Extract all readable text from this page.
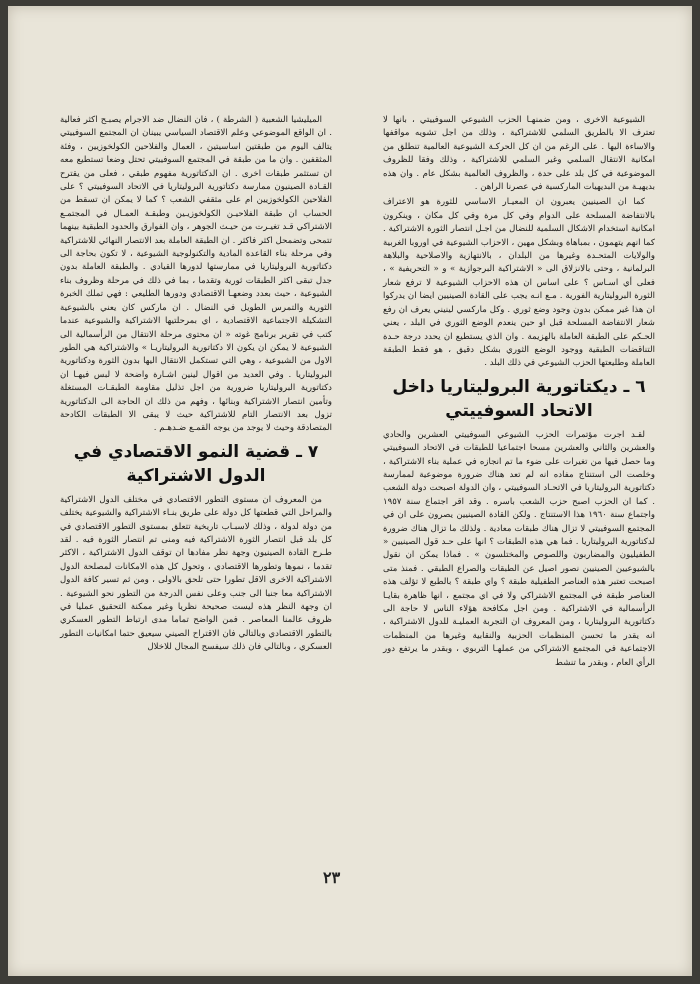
الشيوعية الاخرى ، ومن ضمنهـا الحزب الشيوعي السوفييتي ، بانها لا تعترف الا بالطريق السلمي للاشتراكية ، وذلك من اجل تشويه مواقفها والاساءة اليها . على الرغم من ان كل الحركـة الشيوعية العالمية تنطلق من امكانية الانتقال السلمي وغير السلمي للاشتراكية ، وذلك وفقا للظروف الموضوعية في كل بلد على حدة ، والظروف العالمية بشكل عام . وان هذه بديهيـة من البديهيات الماركسية في عصرنا الراهن .

كما ان الصينيين يعبرون ان المعيـار الاساسي للثورة هو الاعتراف بالانتفاضة المسلحة على الدوام وفي كل مرة وفي كل مكان ، وينكرون امكانية استخدام الاشكال السلمية للنضال من اجـل انتصار الثورة الاشتراكية . كما انهم يتهمون ، بمباهاة وبشكل مهين ، الاحزاب الشيوعية في اوروبا الغربية والولايات المتحـدة وغيرها من البلدان ، بالانتهازية والاصلاحية والبلاهة البرلمانية ، وحتى بالانزلاق الى « الاشتراكية البرجوازية » و « التحريفية » ، فعلى أي اسـاس ؟ على اساس ان هذه الاحزاب الشيوعية لا ترفع شعار الثورة البروليتارية الفورية . مـع انـه يجب على القادة الصينيين ايضا ان يدركوا ان هذا غير ممكن بدون وجود وضع ثوري . وكل ماركسي لينيني يعرف ان رفع شعار الانتفاضة المسلحة قبل او حين ينعدم الوضع الثوري في البلد ، يعني الحـكم على الطبقة العاملة بالهزيمة . وان الذي يستطيع ان يحدد درجة حـدة التناقضات الطبقية ووجود الوضع الثوري بشكل دقيق ، هو فقط الطبقة العاملة وطليعتها الحزب الشيوعي في ذلك البلد .

٦ ـ ديكتاتورية البروليتاريا داخل الاتحاد السوفييتي

لقـد اجرت مؤتمرات الحزب الشيوعي السوفييتي العشرين والحادي والعشرين والثاني والعشرين مسحا اجتماعيا للطبقات في الاتحاد السوفييتي وما حصل فيها من تغيرات على ضوء ما تم انجازه في عملية بناء الاشتراكية ، وخلصت الى استنتاج مفاده انه لم تعد هناك ضرورة موضوعية لممارسة دكتاتورية البروليتاريا في الاتحـاد السوفييتي ، وان الدولة اصبحت دولة الشعب . كما ان الحزب اصبح حزب الشعب باسره . وقد اقر اجتماع سنة ١٩٥٧ واجتماع سنة ١٩٦٠ هذا الاستنتاج . ولكن القادة الصينيين يصرون على ان في المجتمع السوفييتي لا تزال هناك طبقات معادية . ولذلك ما تزال هناك ضرورة لدكتاتورية البروليتاريا . فما هي هذه الطبقات ؟ انها على حـد قول الصينيين « الطفيليون والمضاربون واللصوص والمختلسون » . فماذا يمكن ان نقول بالشيوعيين الصينيين نصور اصيل عن الطبقات والصراع الطبقي . فمنذ متى اصبحت تعتبر هذه العناصر الطفيلية طبقة ؟ واي طبقة ؟ بالطبع لا تؤلف هذه العناصر طبقة في المجتمع الاشتراكي ولا في اي مجتمع ، انها ظاهرة بقايـا الرأسمالية في الاشتراكية . ومن اجل مكافحة هؤلاء الناس لا حاجة الى دكتاتورية البروليتاريا ، ومن المعروف ان التجربة العمليـة للدول الاشتراكية ، انه يقدر ما تحسن المنظمات الحزبية والنقابية وغيرها من المنظمات الاجتماعية في المجتمع الاشتراكي من عملهـا التربوي ، وبقدر ما يرتفع دور الرأي العام ، وبقدر ما تنشط

الميليشيا الشعبية ( الشرطة ) ، فان النضال ضد الاجرام يصبـح اكثر فعالية . ان الواقع الموضوعي وعلم الاقتصاد السياسي يبينان ان المجتمع السوفييتي يتالف اليوم من طبقتين اساسيتين ، العمال والفلاحين الكولخوزيين ، وفئة المثقفين . وان ما من طبقة في المجتمع السوفييتي تحتل وضعا تستطيع معه ان تستثمر طبقات اخرى . ان الدكتاتورية مفهوم طبقي ، فعلى من يقترح القـادة الصينيون ممارسة دكتاتورية البروليتاريا في الاتحاد السوفييتي ؟ على الفلاحين الكولخوزيين ام على مثقفي الشعب ؟ كما لا يمكن ان تسقط من الحساب ان طبقة الفلاحيـن الكولخوزيـين وطبقـة العمـال في المجتمـع الاشتراكي قـد تغيـرت من حيـث الجوهر ، وان الفوارق والحدود الطبقية بينهما تتمحى وتضمحل اكثر فاكثر . ان الطبقة العاملة بعد الانتصار النهائي للاشتراكية وفي مرحلة بناء القاعدة المادية والتكنولوجية الشيوعية ، لا تكون بحاجة الى دكتاتورية البروليتاريا في ممارستها لدورها القيادي . والطبقة العاملة بدون جدل تبقى اكثر الطبقات ثورية وتقدما ، بما في ذلك في مرحلة وظروف بناء الشيوعية ، حيث بعدد وضعهـا الاقتصادي ودورها الطليعي : فهي تملك الخبرة الثورية والتمرس الطويل في النضال . ان ماركس كان يعني بالشيوعية التشكيلة الاجتماعية الاقتصادية ، اي بمرحلتيها الاشتراكية والشيوعية عندما كتب في تقرير برنامج غوته « ان محتوى مرحلة الانتقال من الرأسمالية الى الشيوعية لا يمكن ان يكون الا دكتاتورية البروليتاريـا » والاشتراكية هي الطور الاول من الشيوعية ، وهي التي تستكمل الانتقال اليها بدون الثورة ودكتاتورية البروليتاريا . وفي العديد من اقوال لينين اشـارة واضحة لا لبس فيهـا ان دكتاتورية البروليتاريا ضرورية من اجل تذليل مقاومة الطبقـات المستغلة وتأمين انتصار الاشتراكية وبنائها ، وفهم من ذلك ان الحاجة الى الدكتاتورية تزول بعد الانتصار التام للاشتراكية حيث لا يبقى الا الطبقات الكادحة المتصادقة وحيث لا يوجد من يوجه القمـع ضـدهـم .

٧ ـ قضية النمو الاقتصادي في الدول الاشتراكية

من المعروف ان مستوى التطور الاقتصادي في مختلف الدول الاشتراكية والمراحل التي قطعتها كل دولة على طريق بنـاء الاشتراكية والشيوعية يختلف من دولة لدولة ، وذلك لاسبـاب تاريخية تتعلق بمستوى التطور الاقتصادي في كل بلد قبل انتصار الثورة الاشتراكية فيه ومنى تم انتصار الثورة فيه . لقد طـرح القادة الصينيون وجهة نظر مفادها ان توقف الدول الاشتراكية ، الاكثر تقدما ، نموها وتطورها الاقتصادي ، وتحول كل هذه الامكانات لمصلحة الدول الاشتراكية الاخرى الاقل تطورا حتى تلحق بالاولى ، ومن ثم تسير كافة الدول الاشتراكية معا جنبا الى جنب وعلى نفس الدرجة من التطور نحو الشيوعية . ان وجهة النظر هذه ليست صحيحة نظريا وغير ممكنة التحقيق عمليا في ظروف عالمنا المعاصر . فمن الواضح تماما مدى ارتباط التطور العسكري بالتطور الاقتصادي وبالتالي فان الاقتراح الصيني سيعيق حتما امكانيات التطور العسكري ، وبالتالي فان ذلك سيفسح المجال للاخلال

٢٣
